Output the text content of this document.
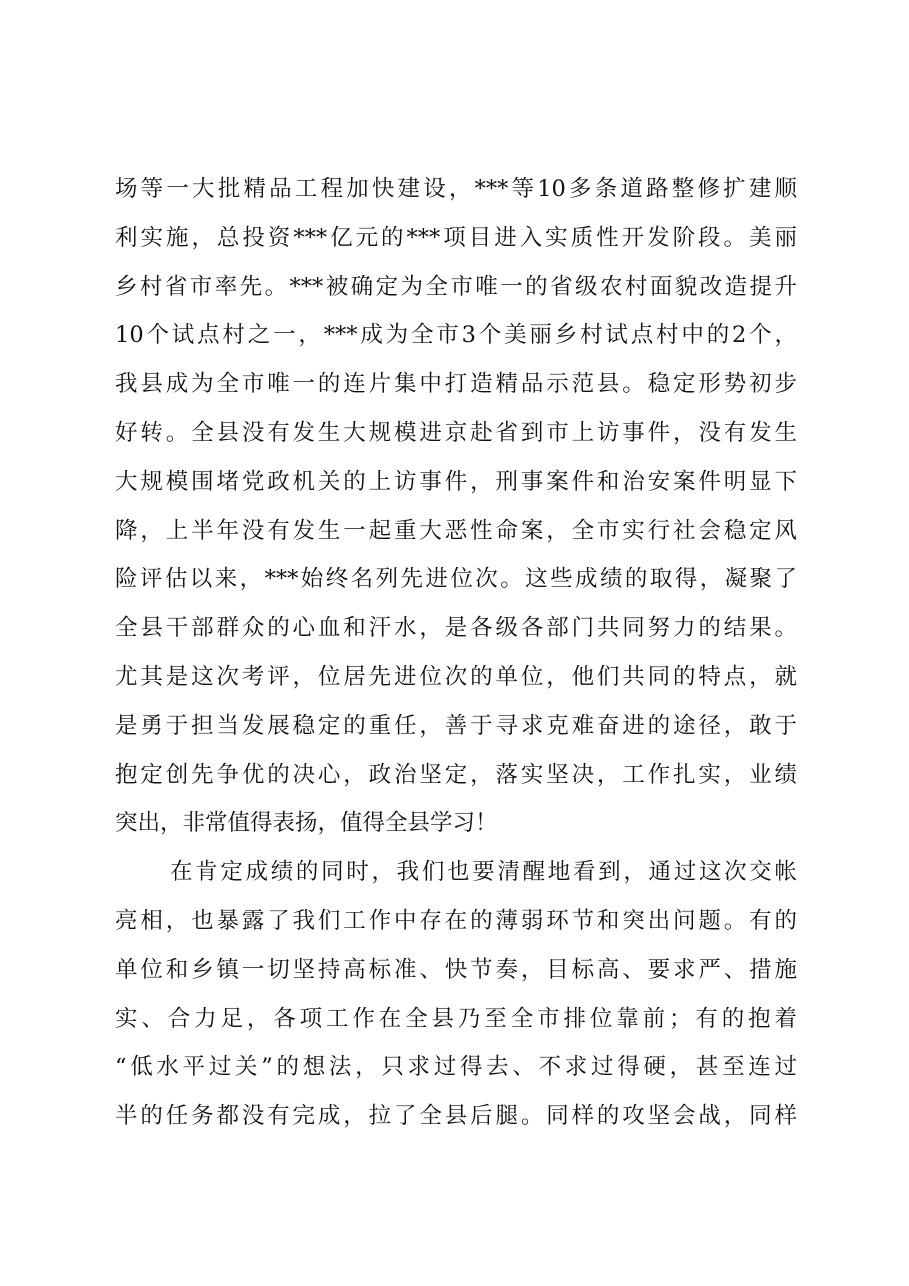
场等一大批精品工程加快建设，***等10多条道路整修扩建顺
利实施，总投资***亿元的***项目进入实质性开发阶段。美丽
乡村省市率先。***被确定为全市唯一的省级农村面貌改造提升
10个试点村之一，***成为全市3个美丽乡村试点村中的2个，
我县成为全市唯一的连片集中打造精品示范县。稳定形势初步
好转。全县没有发生大规模进京赴省到市上访事件，没有发生
大规模围堵党政机关的上访事件，刑事案件和治安案件明显下
降，上半年没有发生一起重大恶性命案，全市实行社会稳定风
险评估以来，***始终名列先进位次。这些成绩的取得，凝聚了
全县干部群众的心血和汗水，是各级各部门共同努力的结果。
尤其是这次考评，位居先进位次的单位，他们共同的特点，就
是勇于担当发展稳定的重任，善于寻求克难奋进的途径，敢于
抱定创先争优的决心，政治坚定，落实坚决，工作扎实，业绩
突出，非常值得表扬，值得全县学习！
在肯定成绩的同时，我们也要清醒地看到，通过这次交帐
亮相，也暴露了我们工作中存在的薄弱环节和突出问题。有的
单位和乡镇一切坚持高标准、快节奏，目标高、要求严、措施
实、合力足，各项工作在全县乃至全市排位靠前；有的抱着
“低水平过关”的想法，只求过得去、不求过得硬，甚至连过
半的任务都没有完成，拉了全县后腿。同样的攻坚会战，同样
